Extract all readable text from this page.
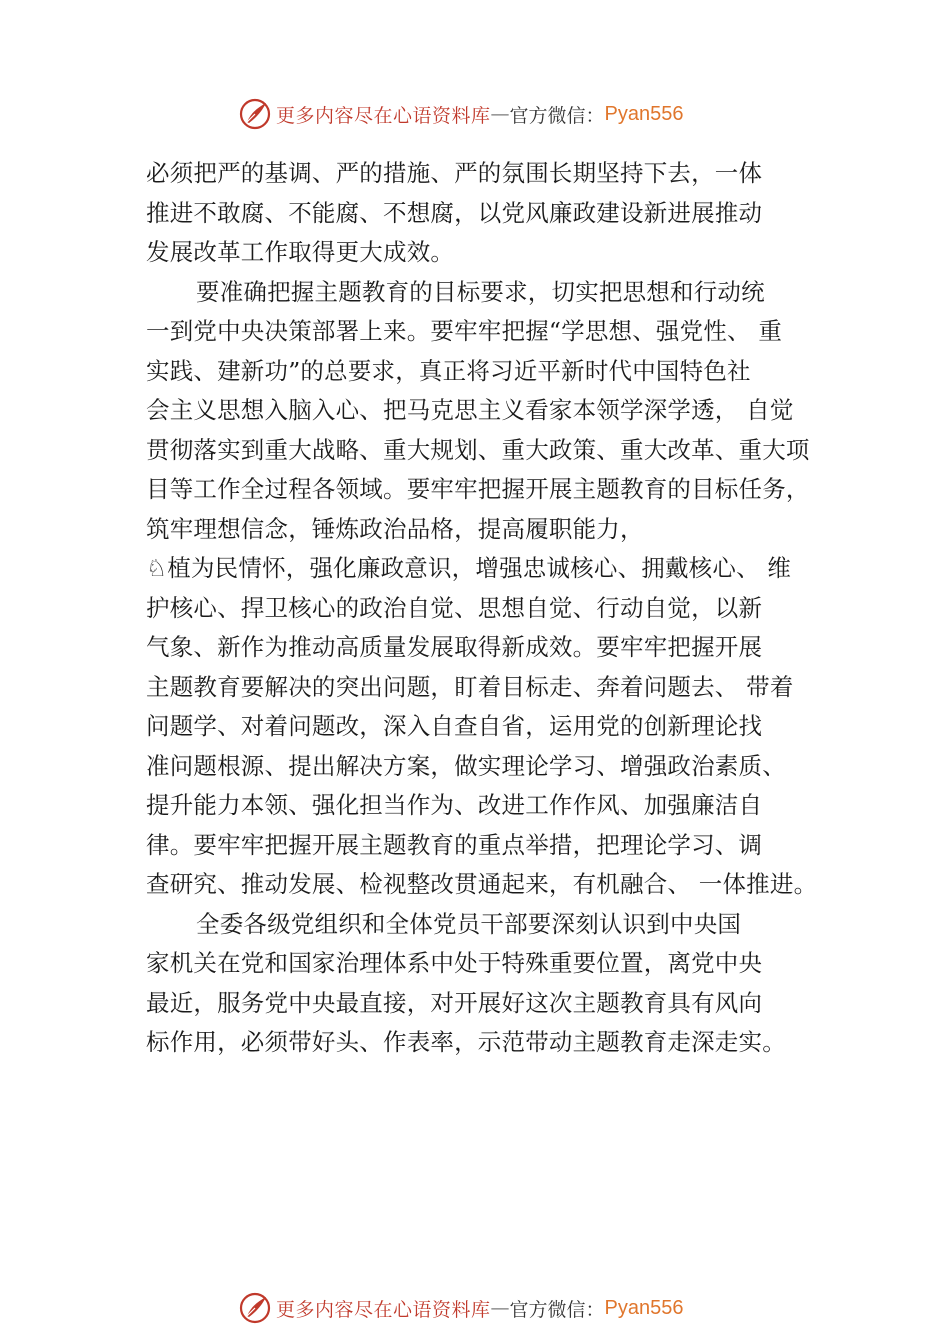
更多内容尽在心语资料库 — 官方微信： Pyan556
必须把严的基调、严的措施、严的氛围长期坚持下去，一体
推进不敢腐、不能腐、不想腐，以党风廉政建设新进展推动
发展改革工作取得更大成效。
要准确把握主题教育的目标要求，切实把思想和行动统
一到党中央决策部署上来。要牢牢把握“学思想、强党性、 重
实践、建新功”的总要求，真正将习近平新时代中国特色社
会主义思想入脑入心、把马克思主义看家本领学深学透， 自觉
贯彻落实到重大战略、重大规划、重大政策、重大改革、重大项
目等工作全过程各领域。要牢牢把握开展主题教育的目标任务，
筑牢理想信念，锤炼政治品格，提高履职能力，
♘植为民情怀，强化廉政意识，增强忠诚核心、拥戴核心、 维
护核心、捍卫核心的政治自觉、思想自觉、行动自觉，以新
气象、新作为推动高质量发展取得新成效。要牢牢把握开展
主题教育要解决的突出问题，盯着目标走、奔着问题去、 带着
问题学、对着问题改，深入自查自省，运用党的创新理论找
准问题根源、提出解决方案，做实理论学习、增强政治素质、
提升能力本领、强化担当作为、改进工作作风、加强廉洁自
律。要牢牢把握开展主题教育的重点举措，把理论学习、调
查研究、推动发展、检视整改贯通起来，有机融合、 一体推进。
全委各级党组织和全体党员干部要深刻认识到中央国
家机关在党和国家治理体系中处于特殊重要位置，离党中央
最近，服务党中央最直接，对开展好这次主题教育具有风向
标作用，必须带好头、作表率，示范带动主题教育走深走实。
更多内容尽在心语资料库 — 官方微信： Pyan556
